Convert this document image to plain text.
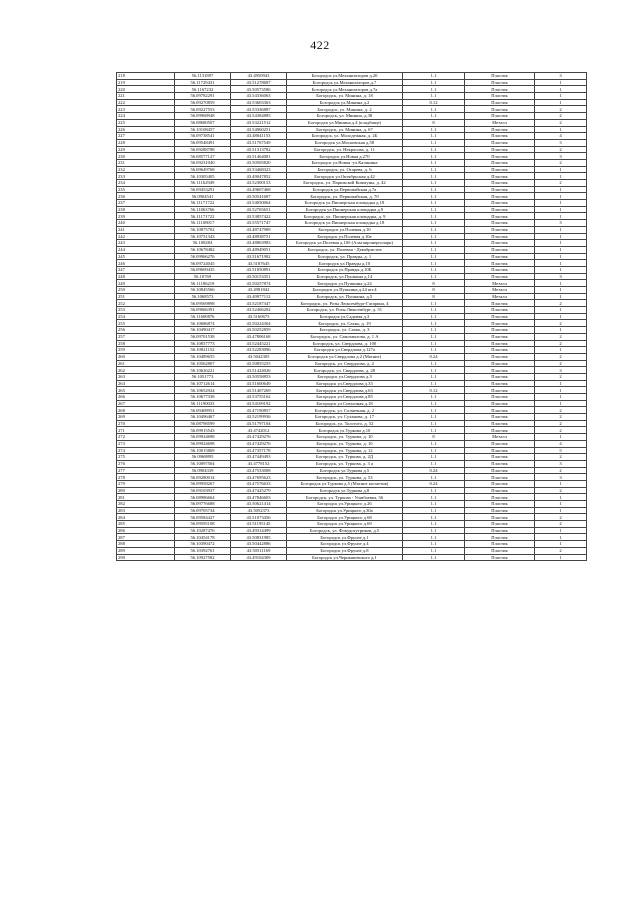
422
218	56.1131897	43.4950943	Богородск ул.Механизаторов д.20	1.1	Пластик	3
219	56.11729431	43.51278687	Богородск ул.Механизаторов д.7	1.1	Пластик	1
220	56.1167232	43.50573586	Богородск ул.Механизаторов д.7а	1.1	Пластик	1
221	56.09782291	43.54336063	Богородск, ул. Минина, д. 18	1.1	Пластик	1
222	56.09270859	43.53603363	Богородск ул.Минина д.2	0.12	Пластик	1
223	56.09227553	43.53336887	Богородск, ул. Минина, д. 2	1.1	Пластик	2
224	56.09968948	43.54384885	Богородск, ул. Минина, д.38	1.1	Пластик	2
225	56.08680507	43.53221512	Богородск ул.Минина д.4 (кладбище)	8	Металл	2
226	56.10108457	43.54960251	Богородск, ул. Минина, д. 67	1.1	Пластик	1
227	56.09738541	43.48041153	Богородск, ул. Молодежная, д. 2Б	1.1	Пластик	4
228	56.09548491	43.51767549	Богородск ул.Московская д.58	1.1	Пластик	3
229	56.09288788	43.51313782	Богородск, ул. Некрасова, д. 11	1.1	Пластик	2
230	56.08577127	43.51464081	Богородск ул.Новая д.270	1.1	Пластик	3
231	56.09231040	43.50505820	Богородск ул.Новая -ул.Калинина	1.1	Пластик	2
232	56.09649768	43.53468323	Богородск, ул. Огарева, д. 6	1.1	Пластик	1
233	56.10305405	43.49047852	Богородск ул.Октябрьская д.42	1.1	Пластик	1
234	56.11162949	43.52300153	Богородск, ул. Парижской Коммуны, д. 42	1.1	Пластик	2
235	56.09453291	43.49607468	Богородск ул.Первомайская д.7а	1.1	Пластик	1
236	56.0904541	43.50541687	Богородск, ул. Первомайская, д. 70	1.1	Пластик	1
237	56.11171722	43.54050064	Богородск ул.Пионерская площадка д.18	1.1	Пластик	1
238	56.11063766	43.52765651	Богородск ул.Пионерская площадка д.9	1.1	Пластик	1
239	56.11171722	43.53857422	Богородск, ул. Пионерская площадка, д. 9	1.1	Пластик	1
240	56.11108017	43.55571747	Богородск ул.Пионерская площадка д.18	1.1	Пластик	3
241	56.10875702	43.48747989	Богородск ул.Полевая д.10	1.1	Пластик	1
242	56.10751343	43.48938751	Богородск ул.Полевая д.10а	1.1	Пластик	1
243	56.108284	43.48863983	Богородск ул.Полевая д.10б (Альтаирэнергопарк)	1.1	Пластик	1
244	56.10678482	43.48949051	Богородск, ул. Полевая - Декабристов	1.1	Пластик	1
245	56.09966276	43.51671982	Богородск, ул. Правды, д. 1	1.1	Пластик	1
246	56.09724045	43.5187645	Богородск ул.Правды д.10	1.1	Пластик	1
247	56.09609435	43.51850891	Богородск ул.Правды д.10Б	1.1	Пластик	1
248	56.10769	43.50153351	Богородск, ул.Пушкина д.14	1.1	Пластик	3
249	56.11186218	43.50257874	Богородск ул.Пушкина д.24	8	Металл	1
250	56.10845566	43.4981842	Богородск ул.Пушкина д.24 шт.4	8	Металл	1
251	56.1068573	43.49977112	Богородск, ул. Пушкина, д.5	8	Металл	1
252	56.09569898	43.52187347	Богородск, ул. Розы Люксембург-Гагарина, 4	1.1	Пластик	2
253	56.09066391	43.52466202	Богородск, ул. Розы Люксембург, д. 51	1.1	Пластик	1
254	56.11600876	43.5160675	Богородск ул.Садовая д.3	1.1	Пластик	1
255	56.10686874	43.50224304	Богородск, ул. Сахко, д. 19	1.1	Пластик	2
256	56.10490417	43.50252859	Богородск, ул. Сахко, д. 3	1.1	Пластик	1
257	56.09701538	43.47806168	Богородск, ул. Самохвалова, д. 1 А	1.1	Пластик	2
258	56.10857773	43.52445221	Богородск, ул. Свердлова, д. 100	1.1	Пластик	2
259	56.10821152	43.52283096	Богородск ул.Свердлова д.127а	1.1	Пластик	1
260	56.10489655	43.5042305	Богородск ул.Свердлова д.2 (Магнит)	0.24	Пластик	2
261	56.10562807	43.50855255	Богородск, ул. Свердлова, д. 2	1.1	Пластик	2
262	56.10626221	43.51424026	Богородск, ул. Свердлова, д. 28	1.1	Пластик	3
263	56.1051773	43.50558853	Богородск ул.Свердлова д.3	1.1	Пластик	2
264	56.10712614	43.51600649	Богородск ул.Свердлова д.35	1.1	Пластик	1
265	56.10652924	43.51407269	Богородск ул.Свердлова д.63	0.12	Пластик	1
266	56.10677338	43.53755162	Богородск ул.Свердлова д.85	1.1	Пластик	1
267	56.11190033	43.54109192	Богородск ул.Совхозная д.18	1.1	Пластик	1
268	56.09408951	43.47190857	Богородск, ул. Солнечная, д. 2	1.1	Пластик	2
269	56.10496467	43.52199936	Богородск, ул. Суханова, д. 17	1.1	Пластик	2
270	56.08798599	43.51797104	Богородск, ул. Толстого, д. 52	1.1	Пластик	2
271	56.09915543	43.4742012	Богородск ул.Туркова д.10	1.1	Пластик	2
272	56.09924698	43.47429276	Богородск, ул. Туркова, д. 10	8	Металл	1
273	56.09924698	43.47429276	Богородск, ул. Туркова, д. 10	1.1	Пластик	4
274	56.10015869	43.47357178	Богородск, ул. Туркова, д. 12	1.1	Пластик	5
275	56.0968895	43.47449493	Богородск, ул. Туркова, д. 2Д	1.1	Пластик	2
276	56.10097504	43.4778152	Богородск, ул. Туркова, д. 3 а	1.1	Пластик	3
277	56.0904339	43.47533008	Богородск ул.Туркова д.5	0.24	Пластик	2
278	56.09280014	43.47695623	Богородск, ул. Туркова, д. 53	1.1	Пластик	3
279	56.09958267	43.47576633	Богородск ул.Туркова д.5 (Магнит косметик)	0.24	Пластик	1
280	56.09103937	43.47425279	Богородск ул.Туркова д.8	1.1	Пластик	2
281	56.08986664	43.47846603	Богородск, ул. Туркова - Ушибаевка, 36	1.1	Пластик	1
282	56.09776688	43.50621414	Богородск ул.Урицкого д.26	1.1	Пластик	1
283	56.09705734	43.5052373	Богородск ул.Урицкого д.30а	1.1	Пластик	1
284	56.09584427	43.51073456	Богородск ул.Урицкого д.68	1.1	Пластик	2
285	56.09595108	43.51195145	Богородск ул.Урицкого д.69	1.1	Пластик	2
286	56.10287476	43.49314499	Богородск, ул. Фокудотутриков, д.5	1.1	Пластик	1
287	56.10454178	43.50831985	Богородск ул.Фрунзе д.1	1.1	Пластик	1
288	56.10390472	43.50442886	Богородск ул.Фрунзе д.4	1.1	Пластик	1
289	56.10392761	43.50511169	Богородск ул.Фрунзе д.8	1.1	Пластик	2
290	56.10927582	43.49104309	Богородск ул.Чернышевского д.1	1.1	Пластик	1
